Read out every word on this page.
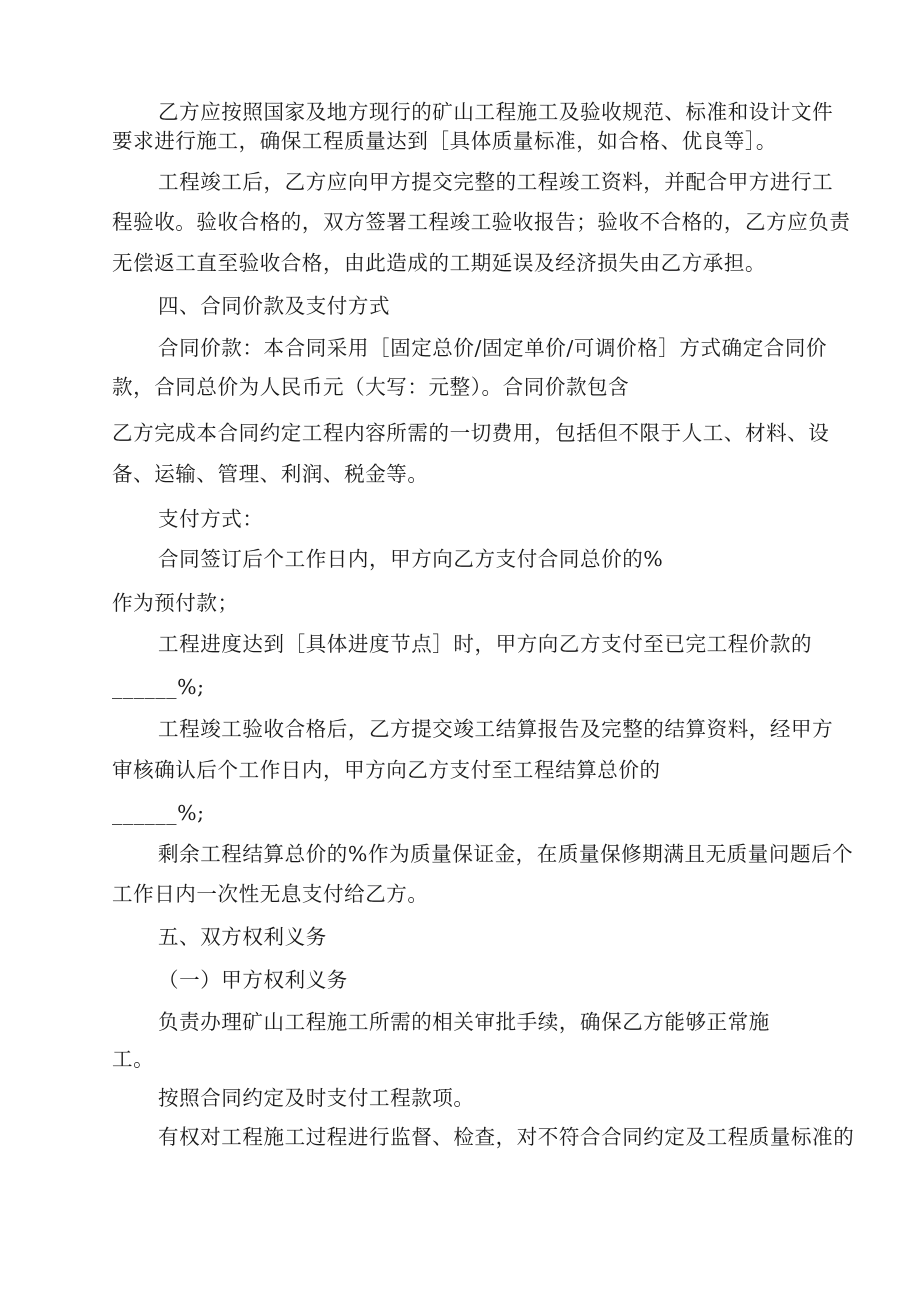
乙方应按照国家及地方现行的矿山工程施工及验收规范、标准和设计文件
要求进行施工，确保工程质量达到［具体质量标准，如合格、优良等］。
工程竣工后，乙方应向甲方提交完整的工程竣工资料，并配合甲方进行工
程验收。验收合格的，双方签署工程竣工验收报告；验收不合格的，乙方应负责
无偿返工直至验收合格，由此造成的工期延误及经济损失由乙方承担。
四、合同价款及支付方式
合同价款：本合同采用［固定总价/固定单价/可调价格］方式确定合同价
款，合同总价为人民币元（大写：元整）。合同价款包含
乙方完成本合同约定工程内容所需的一切费用，包括但不限于人工、材料、设
备、运输、管理、利润、税金等。
支付方式：
合同签订后个工作日内，甲方向乙方支付合同总价的%
作为预付款；
工程进度达到［具体进度节点］时，甲方向乙方支付至已完工程价款的
______%;
工程竣工验收合格后，乙方提交竣工结算报告及完整的结算资料，经甲方
审核确认后个工作日内，甲方向乙方支付至工程结算总价的
______%;
剩余工程结算总价的%作为质量保证金，在质量保修期满且无质量问题后个
工作日内一次性无息支付给乙方。
五、双方权利义务
（一）甲方权利义务
负责办理矿山工程施工所需的相关审批手续，确保乙方能够正常施
工。
按照合同约定及时支付工程款项。
有权对工程施工过程进行监督、检查，对不符合合同约定及工程质量标准的
